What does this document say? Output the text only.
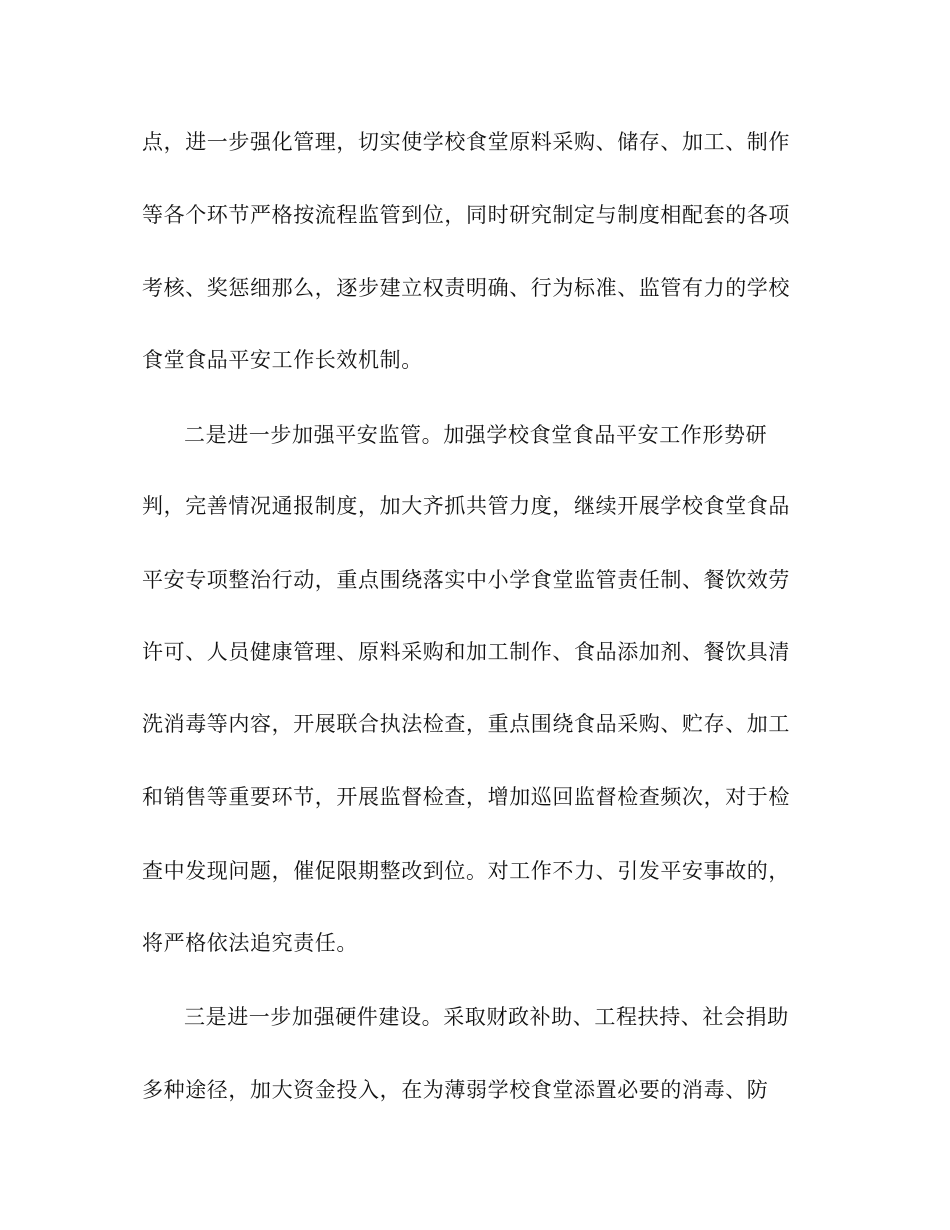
点，进一步强化管理，切实使学校食堂原料采购、储存、加工、制作
等各个环节严格按流程监管到位，同时研究制定与制度相配套的各项
考核、奖惩细那么，逐步建立权责明确、行为标准、监管有力的学校
食堂食品平安工作长效机制。
二是进一步加强平安监管。加强学校食堂食品平安工作形势研
判，完善情况通报制度，加大齐抓共管力度，继续开展学校食堂食品
平安专项整治行动，重点围绕落实中小学食堂监管责任制、餐饮效劳
许可、人员健康管理、原料采购和加工制作、食品添加剂、餐饮具清
洗消毒等内容，开展联合执法检查，重点围绕食品采购、贮存、加工
和销售等重要环节，开展监督检查，增加巡回监督检查频次，对于检
查中发现问题，催促限期整改到位。对工作不力、引发平安事故的，
将严格依法追究责任。
三是进一步加强硬件建设。采取财政补助、工程扶持、社会捐助
多种途径，加大资金投入，在为薄弱学校食堂添置必要的消毒、防
